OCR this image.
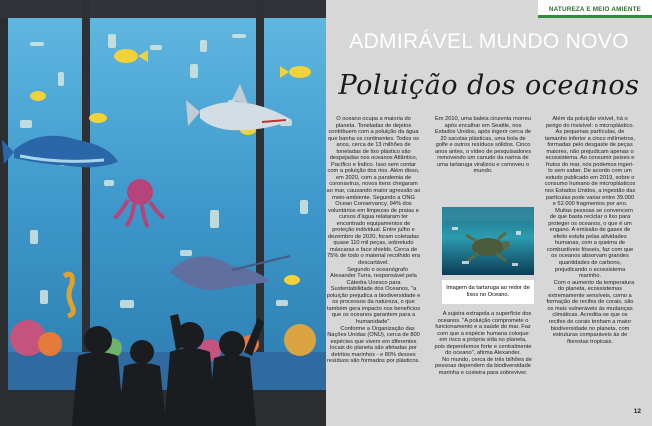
NATUREZA E MEIO AMIENTE

O oceano ocupa a maioria do planeta. Toneladas de dejetos contribuem com a poluição da água que banha os continentes. Todos os anos, cerca de 13 milhões de toneladas de lixo plástico são despejadas nos oceanos Atlântico, Pacífico e Índico. Isso sem contar com a poluição dos rios. Além disso, em 2020, com a pandemia de coronavírus, novos itens chegaram ao mar, causando maior agressão ao meio-ambiente. Segundo a ONG Ocean Conservancy, 94% dos voluntários em limpezas de praias e cursos d'água relataram ter encontrado equipamentos de proteção individual. Entre julho e dezembro de 2020, foram coletadas quase 110 mil peças, sobretudo máscaras e face shields. Cerca de 75% de todo o material recolhido era descartável.

Segundo o oceanógrafo Alexander Turra, responsável pela Cátedra Unesco para Sustentabilidade dos Oceanos, "a poluição prejudica a biodiversidade e os processos da natureza, o que também gera impacto nos benefícios que os oceanos garantem para a humanidade".

Conforme a Organização das Nações Unidas (ONU), cerca de 800 espécies que vivem em diferentes locais do planeta são afetadas por detritos marinhos - e 80% desses resíduos são formados por plásticos.

Em 2010, uma baleia cinzenta morreu após encalhar em Seattle, nos Estados Unidos, após ingerir cerca de 20 sacolas plásticas, uma bola de golfe e outros resíduos sólidos. Cinco anos antes, o vídeo de pesquisadores removendo um canudo da narina de uma tartaruga viralizou e comoveu o mundo.

Imagem da tartaruga ao redor de lixos no Oceano.

A sujeira extrapola a superfície dos oceanos. "A poluição compromete o funcionamento e a saúde do mar. Faz com que a espécie humana coloque em risco a própria vida no planeta, pois dependemos forte e centralmente do oceano", afirma Alexander.

No mundo, cerca de três bilhões de pessoas dependem da biodiversidade marinha e costeira para sobreviver.

Além da poluição visível, há o perigo do invisível: o microplástico. As pequenas partículas, de tamanho inferior a cinco milímetros, formadas pelo desgaste de peças maiores, não prejudicam apenas o ecossistema. Ao consumir peixes e frutos do mar, nós podemos ingeri-lo sem saber. De acordo com um estudo publicado em 2019, sobre o consumo humano de microplásticos nos Estados Unidos, a ingestão das partículas pode variar entre 39.000 e 52.000 fragmentos por ano.

Muitas pessoas se convencem de que basta reciclar o lixo para proteger os oceanos, o que é um engano. A emissão de gases de efeito estufa pelas atividades humanas, com a queima de combustíveis fósseis, faz com que os oceanos absorvam grandes quantidades de carbono, prejudicando o ecossistema marinho.

Com o aumento da temperatura do planeta, ecossistemas extremamente sensíveis, como a formação de recifes de corais, são os mais vulneráveis às mudanças climáticas. Acredita-se que os recifes de corais tenham a maior biodiversidade no planeta, com estruturas comparáveis às de florestas tropicais.

12
ADMIRÁVEL MUNDO NOVO
Poluição dos oceanos
